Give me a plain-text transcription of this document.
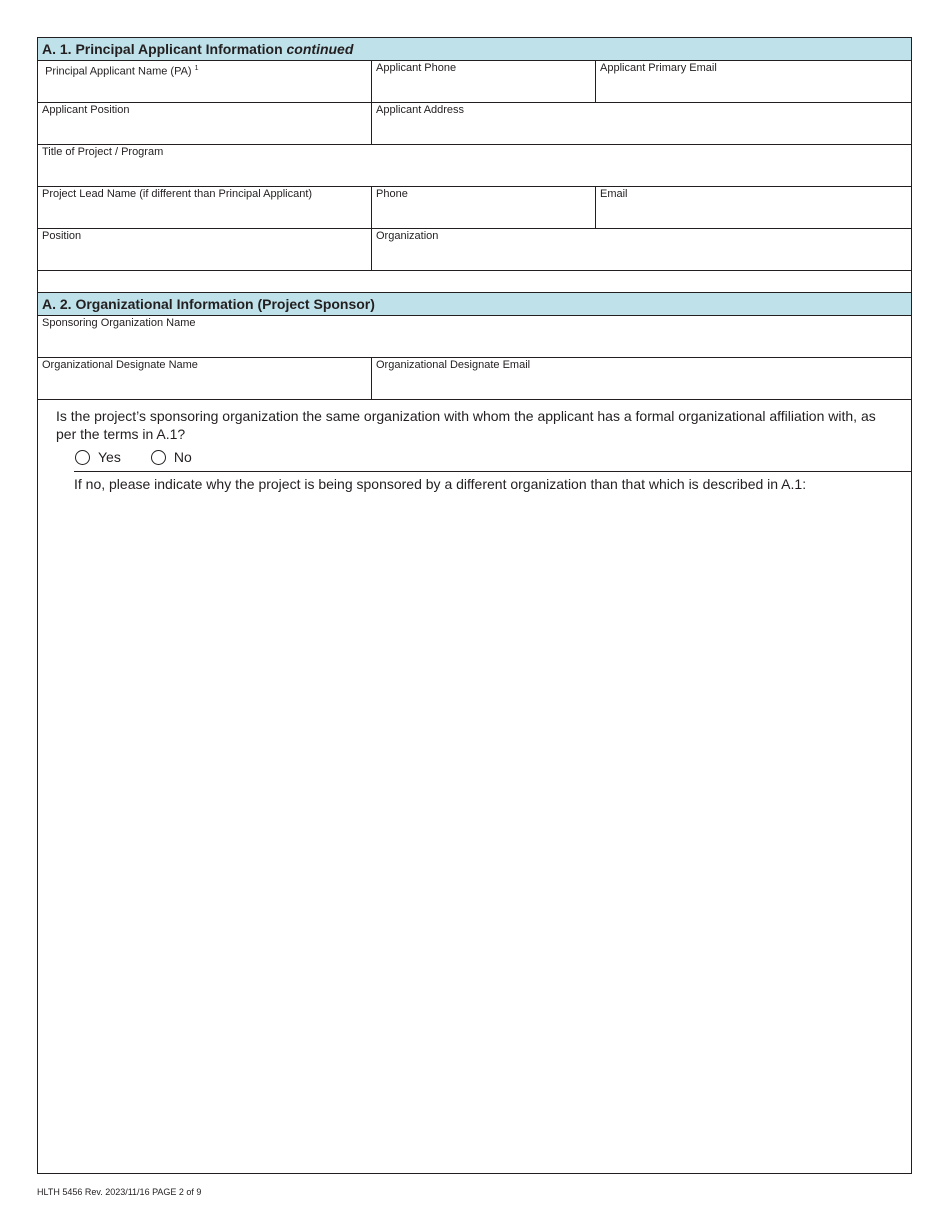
A. 1. Principal Applicant Information continued
Principal Applicant Name (PA) $^1$	Applicant Phone	Applicant Primary Email
Applicant Position	Applicant Address
Title of Project / Program
Project Lead Name (if different than Principal Applicant)	Phone	Email
Position	Organization
A. 2. Organizational Information (Project Sponsor)
Sponsoring Organization Name
Organizational Designate Name	Organizational Designate Email
Is the project’s sponsoring organization the same organization with whom the applicant has a formal organizational affiliation with, as per the terms in A.1?
Yes	No
If no, please indicate why the project is being sponsored by a different organization than that which is described in A.1:
HLTH 5456 Rev. 2023/11/16 PAGE 2 of 9
